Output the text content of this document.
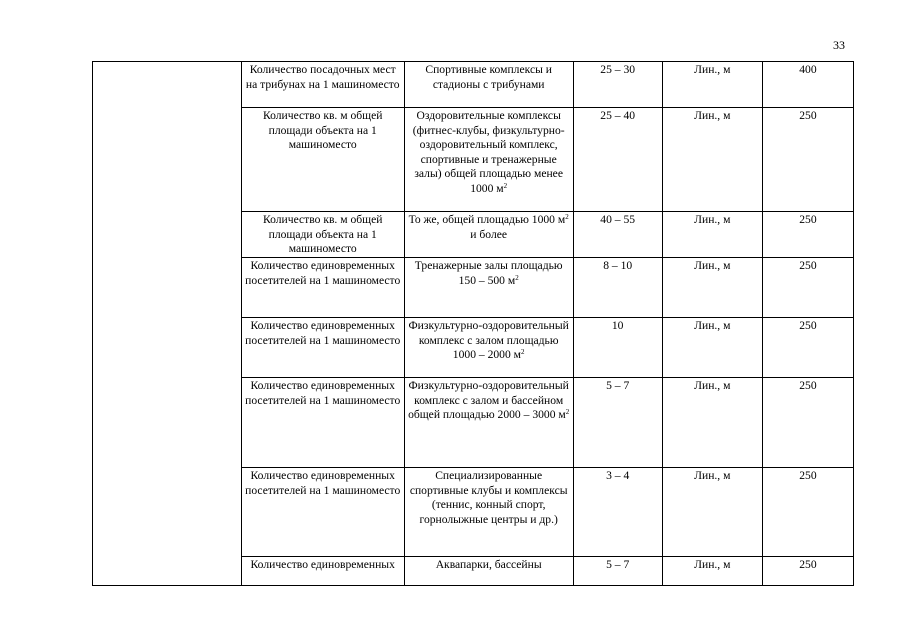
33
	Количество посадочных мест на трибунах на 1 машиноместо	Спортивные комплексы и стадионы с трибунами	25 – 30	Лин., м	400
	Количество кв. м общей площади объекта на 1 машиноместо	Оздоровительные комплексы (фитнес-клубы, физкультурно-оздоровительный комплекс, спортивные и тренажерные залы) общей площадью менее 1000 $м^2$	25 – 40	Лин., м	250
	Количество кв. м общей площади объекта на 1 машиноместо	То же, общей площадью 1000 $м^2$ и более	40 – 55	Лин., м	250
	Количество единовременных посетителей на 1 машиноместо	Тренажерные залы площадью 150 – 500 $м^2$	8 – 10	Лин., м	250
	Количество единовременных посетителей на 1 машиноместо	Физкультурно-оздоровительный комплекс с залом площадью 1000 – 2000 $м^2$	10	Лин., м	250
	Количество единовременных посетителей на 1 машиноместо	Физкультурно-оздоровительный комплекс с залом и бассейном общей площадью 2000 – 3000 $м^2$	5 – 7	Лин., м	250
	Количество единовременных посетителей на 1 машиноместо	Специализированные спортивные клубы и комплексы (теннис, конный спорт, горнолыжные центры и др.)	3 – 4	Лин., м	250
	Количество единовременных	Аквапарки, бассейны	5 – 7	Лин., м	250
